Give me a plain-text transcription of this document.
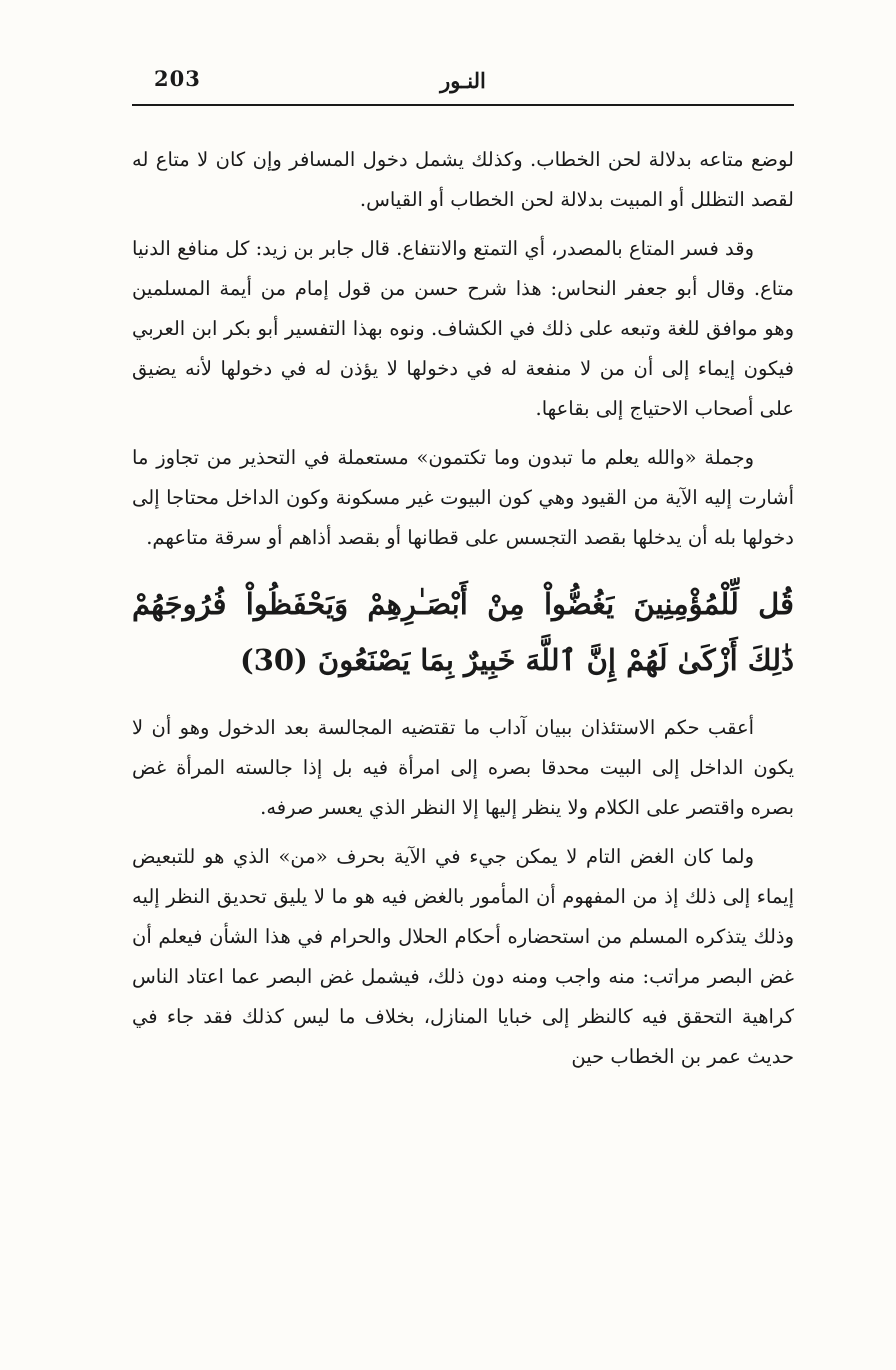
203	النـور

لوضع متاعه بدلالة لحن الخطاب. وكذلك يشمل دخول المسافر وإن كان لا متاع له لقصد التظلل أو المبيت بدلالة لحن الخطاب أو القياس.

وقد فسر المتاع بالمصدر، أي التمتع والانتفاع. قال جابر بن زيد: كل منافع الدنيا متاع. وقال أبو جعفر النحاس: هذا شرح حسن من قول إمام من أيمة المسلمين وهو موافق للغة وتبعه على ذلك في الكشاف. ونوه بهذا التفسير أبو بكر ابن العربي فيكون إيماء إلى أن من لا منفعة له في دخولها لا يؤذن له في دخولها لأنه يضيق على أصحاب الاحتياج إلى بقاعها.

وجملة «والله يعلم ما تبدون وما تكتمون» مستعملة في التحذير من تجاوز ما أشارت إليه الآية من القيود وهي كون البيوت غير مسكونة وكون الداخل محتاجا إلى دخولها بله أن يدخلها بقصد التجسس على قطانها أو بقصد أذاهم أو سرقة متاعهم.

قُل لِّلْمُؤْمِنِينَ يَغُضُّواْ مِنْ أَبْصَـٰرِهِمْ وَيَحْفَظُواْ فُرُوجَهُمْ ذَٰلِكَ أَزْكَىٰ لَهُمْ إِنَّ ٱللَّهَ خَبِيرٌ بِمَا يَصْنَعُونَ (30)

أعقب حكم الاستئذان ببيان آداب ما تقتضيه المجالسة بعد الدخول وهو أن لا يكون الداخل إلى البيت محدقا بصره إلى امرأة فيه بل إذا جالسته المرأة غض بصره واقتصر على الكلام ولا ينظر إليها إلا النظر الذي يعسر صرفه.

ولما كان الغض التام لا يمكن جيء في الآية بحرف «من» الذي هو للتبعيض إيماء إلى ذلك إذ من المفهوم أن المأمور بالغض فيه هو ما لا يليق تحديق النظر إليه وذلك يتذكره المسلم من استحضاره أحكام الحلال والحرام في هذا الشأن فيعلم أن غض البصر مراتب: منه واجب ومنه دون ذلك، فيشمل غض البصر عما اعتاد الناس كراهية التحقق فيه كالنظر إلى خبايا المنازل، بخلاف ما ليس كذلك فقد جاء في حديث عمر بن الخطاب حين
